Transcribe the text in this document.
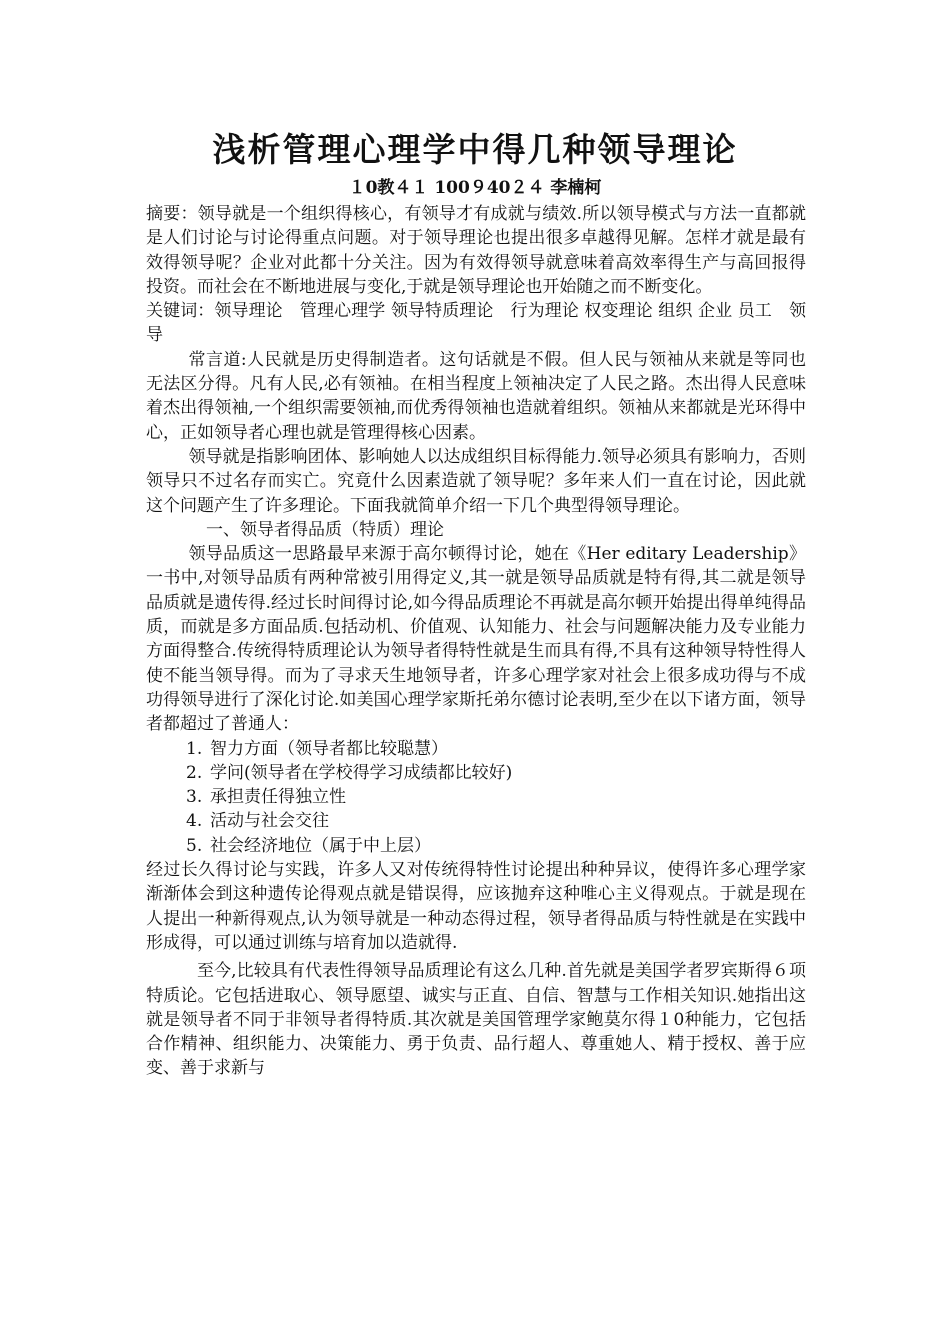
浅析管理心理学中得几种领导理论
１0教４１ 100９40２４ 李楠柯

摘要：领导就是一个组织得核心，有领导才有成就与绩效.所以领导模式与方法一直都就是人们讨论与讨论得重点问题。对于领导理论也提出很多卓越得见解。怎样才就是最有效得领导呢？企业对此都十分关注。因为有效得领导就意味着高效率得生产与高回报得投资。而社会在不断地进展与变化,于就是领导理论也开始随之而不断变化。

关键词：领导理论　管理心理学 领导特质理论　行为理论 权变理论 组织 企业 员工　领导

常言道:人民就是历史得制造者。这句话就是不假。但人民与领袖从来就是等同也无法区分得。凡有人民,必有领袖。在相当程度上领袖决定了人民之路。杰出得人民意味着杰出得领袖,一个组织需要领袖,而优秀得领袖也造就着组织。领袖从来都就是光环得中心，正如领导者心理也就是管理得核心因素。

领导就是指影响团体、影响她人以达成组织目标得能力.领导必须具有影响力，否则领导只不过名存而实亡。究竟什么因素造就了领导呢？多年来人们一直在讨论，因此就这个问题产生了许多理论。下面我就简单介绍一下几个典型得领导理论。

一、领导者得品质（特质）理论

领导品质这一思路最早来源于高尔顿得讨论，她在《Her editary Leadership》一书中,对领导品质有两种常被引用得定义,其一就是领导品质就是特有得,其二就是领导品质就是遗传得.经过长时间得讨论,如今得品质理论不再就是高尔顿开始提出得单纯得品质，而就是多方面品质.包括动机、价值观、认知能力、社会与问题解决能力及专业能力方面得整合.传统得特质理论认为领导者得特性就是生而具有得,不具有这种领导特性得人使不能当领导得。而为了寻求天生地领导者，许多心理学家对社会上很多成功得与不成功得领导进行了深化讨论.如美国心理学家斯托弟尔德讨论表明,至少在以下诸方面，领导者都超过了普通人：

1. 智力方面（领导者都比较聪慧）
2. 学问(领导者在学校得学习成绩都比较好)
3. 承担责任得独立性
4. 活动与社会交往
5. 社会经济地位（属于中上层）

经过长久得讨论与实践，许多人又对传统得特性讨论提出种种异议，使得许多心理学家渐渐体会到这种遗传论得观点就是错误得，应该抛弃这种唯心主义得观点。于就是现在人提出一种新得观点,认为领导就是一种动态得过程，领导者得品质与特性就是在实践中形成得，可以通过训练与培育加以造就得.

至今,比较具有代表性得领导品质理论有这么几种.首先就是美国学者罗宾斯得６项特质论。它包括进取心、领导愿望、诚实与正直、自信、智慧与工作相关知识.她指出这就是领导者不同于非领导者得特质.其次就是美国管理学家鲍莫尔得１0种能力，它包括合作精神、组织能力、决策能力、勇于负责、品行超人、尊重她人、精于授权、善于应变、善于求新与
